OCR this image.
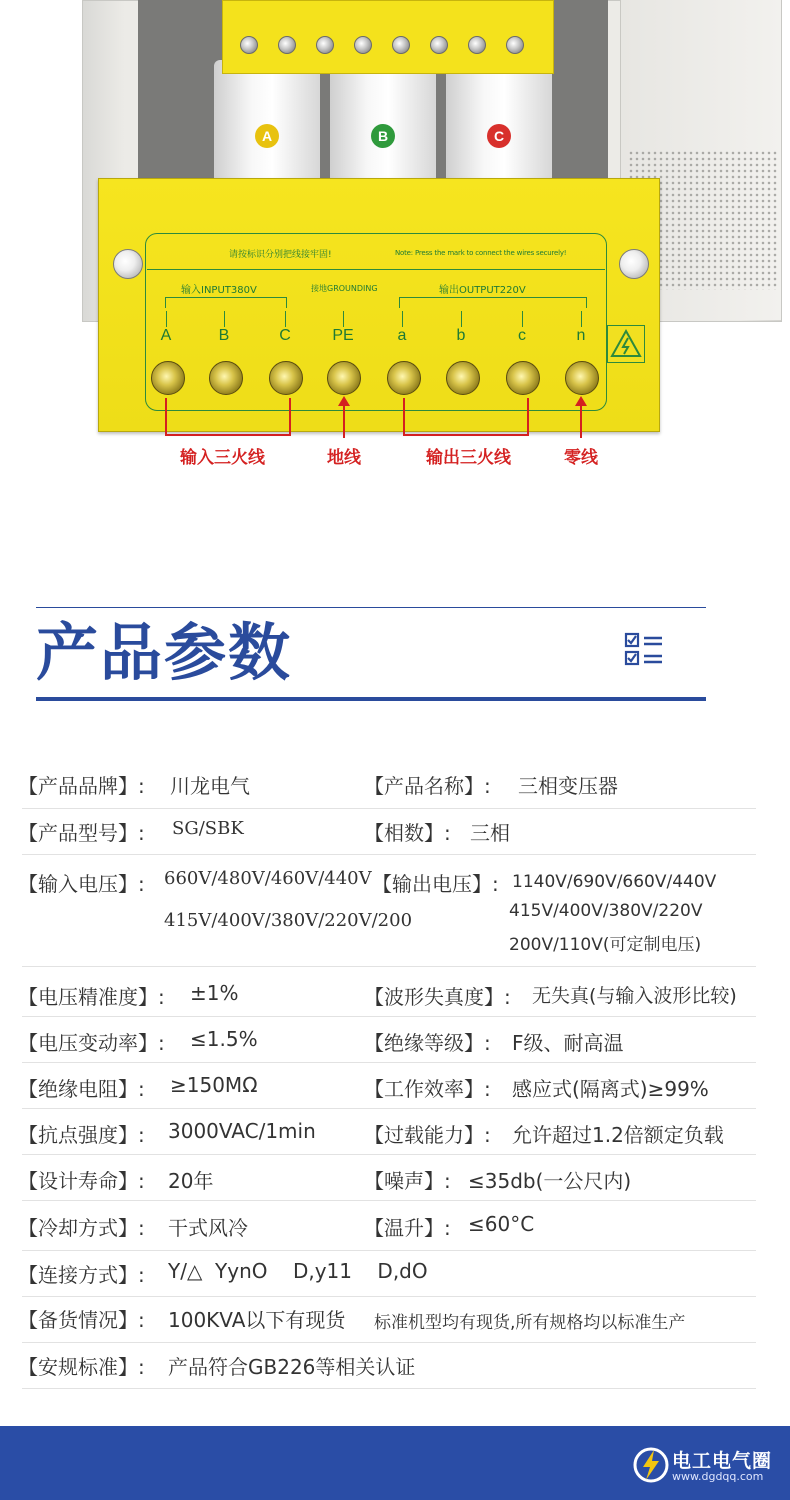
A	B	C
请按标识分别把线接牢固!	Note: Press the mark to connect the wires securely!
输入INPUT380V	接地GROUNDING	输出OUTPUT220V
A	B	C	PE	a	b	c	n
输入三火线	地线	输出三火线	零线
产品参数
【产品品牌】: 川龙电气	【产品名称】: 三相变压器
【产品型号】: SG/SBK	【相数】: 三相
【输入电压】: 660V/480V/460V/440V
415V/400V/380V/220V/200
【输出电压】: 1140V/690V/660V/440V
415V/400V/380V/220V
200V/110V(可定制电压)
【电压精准度】: ±1%	【波形失真度】: 无失真(与输入波形比较)
【电压变动率】: ≤1.5%	【绝缘等级】: F级、耐高温
【绝缘电阻】: ≥150MΩ	【工作效率】: 感应式(隔离式)≥99%
【抗点强度】: 3000VAC/1min 【过载能力】: 允许超过1.2倍额定负载
【设计寿命】: 20年	【噪声】: ≤35db(一公尺内)
【冷却方式】: 干式风冷	【温升】: ≤60°C
【连接方式】: Y/△  YynO    D,y11    D,dO
【备货情况】: 100KVA以下有现货 标准机型均有现货,所有规格均以标准生产
【安规标准】: 产品符合GB226等相关认证
电工电气圈
www.dgdqq.com
